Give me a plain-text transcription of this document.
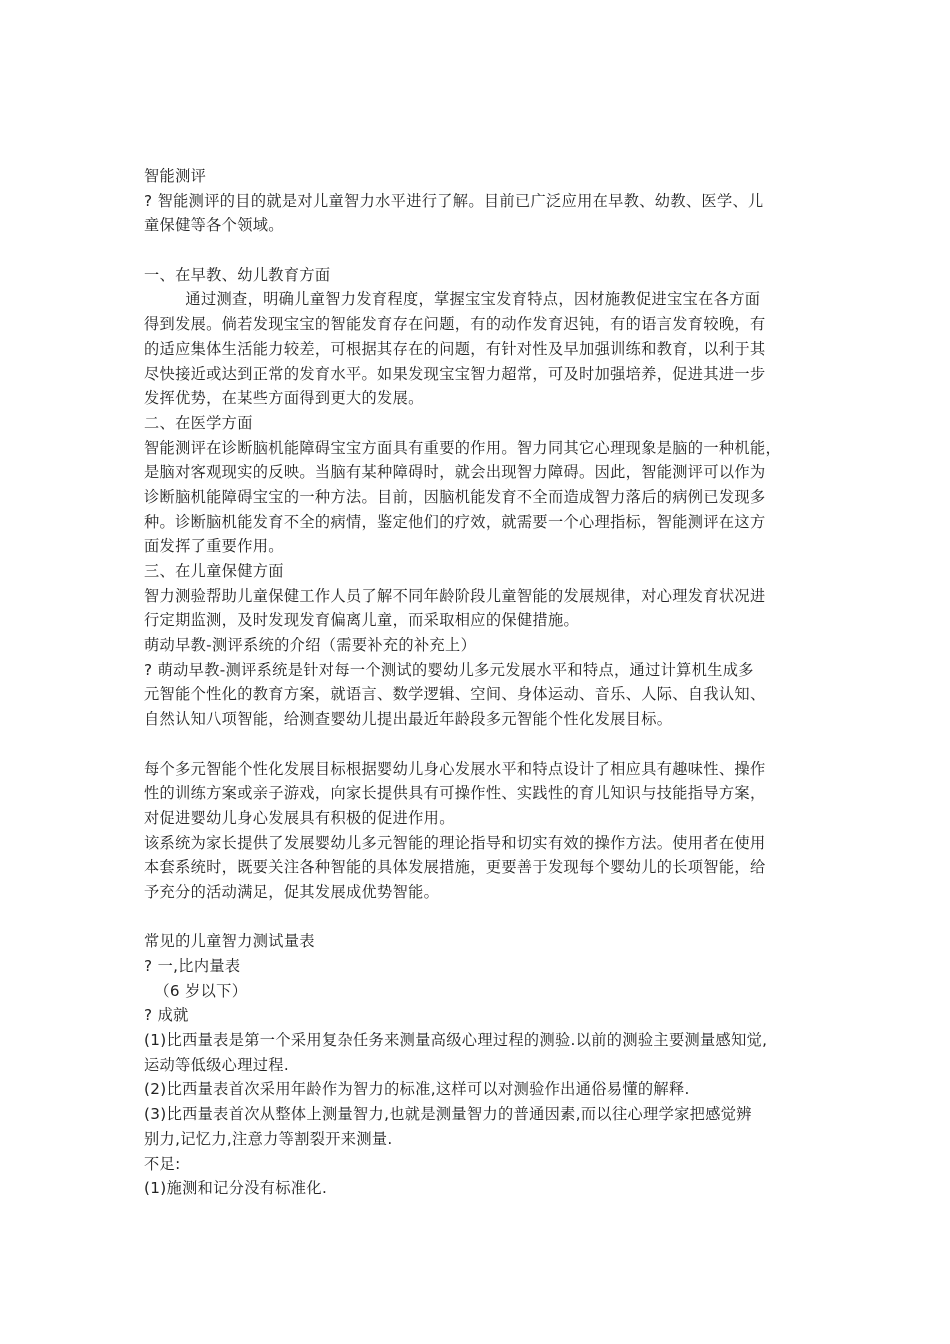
智能测评
? 智能测评的目的就是对儿童智力水平进行了解。目前已广泛应用在早教、幼教、医学、儿
童保健等各个领域。
一、在早教、幼儿教育方面
通过测查，明确儿童智力发育程度，掌握宝宝发育特点，因材施教促进宝宝在各方面
得到发展。倘若发现宝宝的智能发育存在问题，有的动作发育迟钝，有的语言发育较晚，有
的适应集体生活能力较差，可根据其存在的问题，有针对性及早加强训练和教育，以利于其
尽快接近或达到正常的发育水平。如果发现宝宝智力超常，可及时加强培养，促进其进一步
发挥优势，在某些方面得到更大的发展。
二、在医学方面
智能测评在诊断脑机能障碍宝宝方面具有重要的作用。智力同其它心理现象是脑的一种机能，
是脑对客观现实的反映。当脑有某种障碍时，就会出现智力障碍。因此，智能测评可以作为
诊断脑机能障碍宝宝的一种方法。目前，因脑机能发育不全而造成智力落后的病例已发现多
种。诊断脑机能发育不全的病情，鉴定他们的疗效，就需要一个心理指标，智能测评在这方
面发挥了重要作用。
三、在儿童保健方面
智力测验帮助儿童保健工作人员了解不同年龄阶段儿童智能的发展规律，对心理发育状况进
行定期监测，及时发现发育偏离儿童，而采取相应的保健措施。
萌动早教-测评系统的介绍（需要补充的补充上）
? 萌动早教-测评系统是针对每一个测试的婴幼儿多元发展水平和特点，通过计算机生成多
元智能个性化的教育方案，就语言、数学逻辑、空间、身体运动、音乐、人际、自我认知、
自然认知八项智能，给测查婴幼儿提出最近年龄段多元智能个性化发展目标。
每个多元智能个性化发展目标根据婴幼儿身心发展水平和特点设计了相应具有趣味性、操作
性的训练方案或亲子游戏，向家长提供具有可操作性、实践性的育儿知识与技能指导方案，
对促进婴幼儿身心发展具有积极的促进作用。
该系统为家长提供了发展婴幼儿多元智能的理论指导和切实有效的操作方法。使用者在使用
本套系统时，既要关注各种智能的具体发展措施，更要善于发现每个婴幼儿的长项智能，给
予充分的活动满足，促其发展成优势智能。
常见的儿童智力测试量表
? 一,比内量表
（6 岁以下）
? 成就
(1)比西量表是第一个采用复杂任务来测量高级心理过程的测验.以前的测验主要测量感知觉,
运动等低级心理过程.
(2)比西量表首次采用年龄作为智力的标准,这样可以对测验作出通俗易懂的解释.
(3)比西量表首次从整体上测量智力,也就是测量智力的普通因素,而以往心理学家把感觉辨
别力,记忆力,注意力等割裂开来测量.
不足:
(1)施测和记分没有标准化.
